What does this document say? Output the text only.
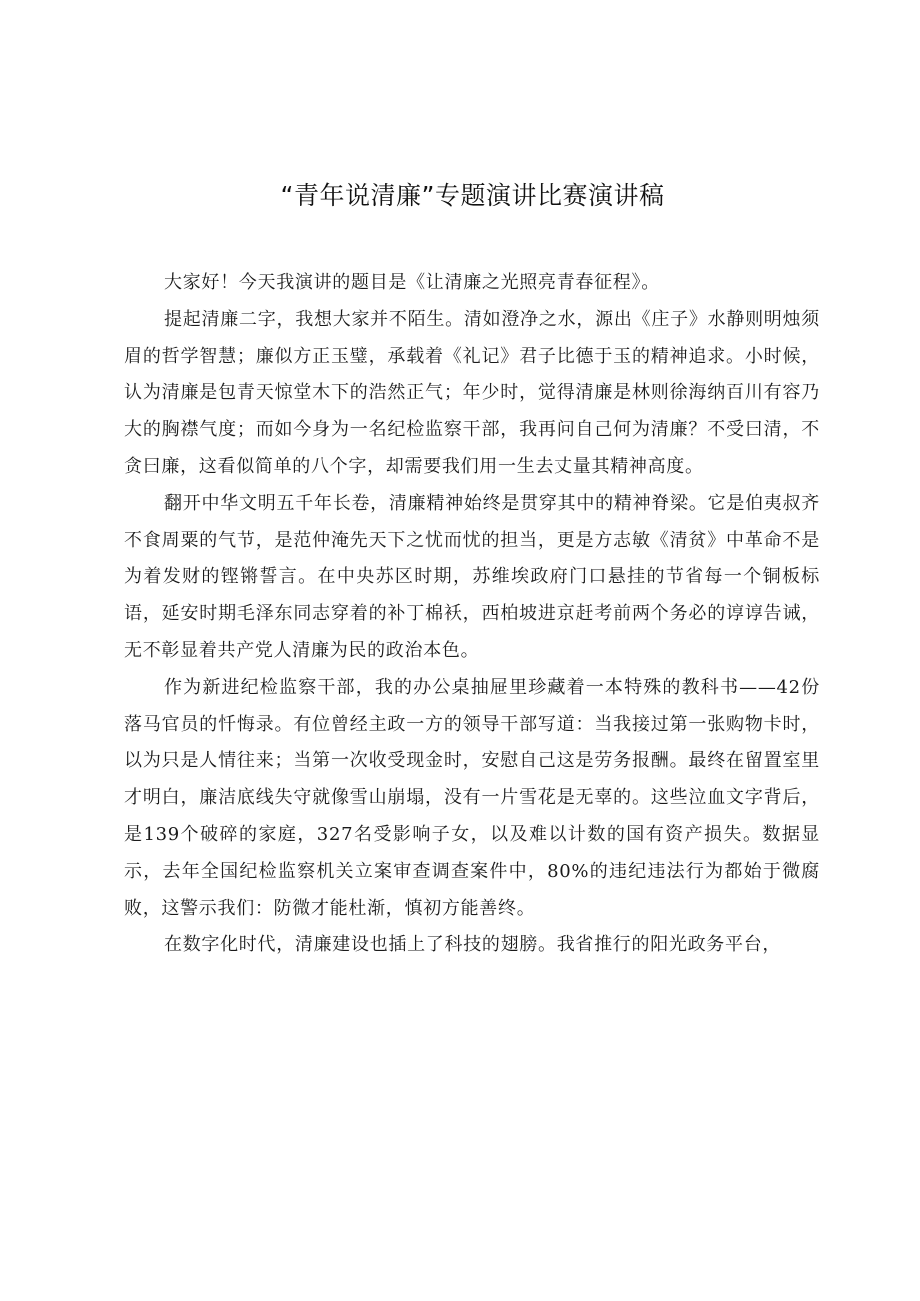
“青年说清廉”专题演讲比赛演讲稿

大家好！今天我演讲的题目是《让清廉之光照亮青春征程》。

提起清廉二字，我想大家并不陌生。清如澄净之水，源出《庄子》水静则明烛须眉的哲学智慧；廉似方正玉璧，承载着《礼记》君子比德于玉的精神追求。小时候，认为清廉是包青天惊堂木下的浩然正气；年少时，觉得清廉是林则徐海纳百川有容乃大的胸襟气度；而如今身为一名纪检监察干部，我再问自己何为清廉？不受曰清，不贪曰廉，这看似简单的八个字，却需要我们用一生去丈量其精神高度。

翻开中华文明五千年长卷，清廉精神始终是贯穿其中的精神脊梁。它是伯夷叔齐不食周粟的气节，是范仲淹先天下之忧而忧的担当，更是方志敏《清贫》中革命不是为着发财的铿锵誓言。在中央苏区时期，苏维埃政府门口悬挂的节省每一个铜板标语，延安时期毛泽东同志穿着的补丁棉袄，西柏坡进京赶考前两个务必的谆谆告诫，无不彰显着共产党人清廉为民的政治本色。

作为新进纪检监察干部，我的办公桌抽屉里珍藏着一本特殊的教科书——42份落马官员的忏悔录。有位曾经主政一方的领导干部写道：当我接过第一张购物卡时，以为只是人情往来；当第一次收受现金时，安慰自己这是劳务报酬。最终在留置室里才明白，廉洁底线失守就像雪山崩塌，没有一片雪花是无辜的。这些泣血文字背后，是139个破碎的家庭，327名受影响子女，以及难以计数的国有资产损失。数据显示，去年全国纪检监察机关立案审查调查案件中，80%的违纪违法行为都始于微腐败，这警示我们：防微才能杜渐，慎初方能善终。

在数字化时代，清廉建设也插上了科技的翅膀。我省推行的阳光政务平台，
